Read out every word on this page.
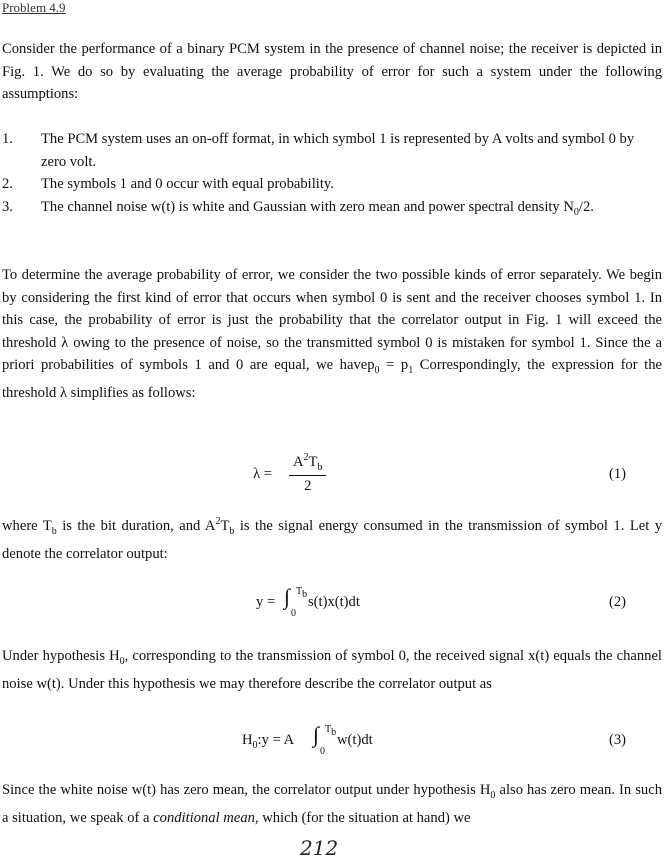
Problem 4.9

Consider the performance of a binary PCM system in the presence of channel noise; the receiver is depicted in Fig. 1. We do so by evaluating the average probability of error for such a system under the following assumptions:

1. The PCM system uses an on-off format, in which symbol 1 is represented by A volts and symbol 0 by zero volt.
2. The symbols 1 and 0 occur with equal probability.
3. The channel noise w(t) is white and Gaussian with zero mean and power spectral density $N_0/2$.

To determine the average probability of error, we consider the two possible kinds of error separately. We begin by considering the first kind of error that occurs when symbol 0 is sent and the receiver chooses symbol 1. In this case, the probability of error is just the probability that the correlator output in Fig. 1 will exceed the threshold λ owing to the presence of noise, so the transmitted symbol 0 is mistaken for symbol 1. Since the a priori probabilities of symbols 1 and 0 are equal, we havep$_0$ = $p_1$ Correspondingly, the expression for the threshold λ simplifies as follows:

$\lambda = \frac{A^2T_b}{2}$	(1)

where $T_b$ is the bit duration, and $A^2T_b$ is the signal energy consumed in the transmission of symbol 1. Let y denote the correlator output:

y = ∫
0
$T_b$ s(t)x(t)dt	(2)

Under hypothesis $H_0$, corresponding to the transmission of symbol 0, the received signal x(t) equals the channel noise w(t). Under this hypothesis we may therefore describe the correlator output as

$H_0:y = A$ ∫
0
$T_b$ w(t)dt	(3)

Since the white noise w(t) has zero mean, the correlator output under hypothesis $H_0$ also has zero mean. In such a situation, we speak of a conditional mean, which (for the situation at hand) we

212
